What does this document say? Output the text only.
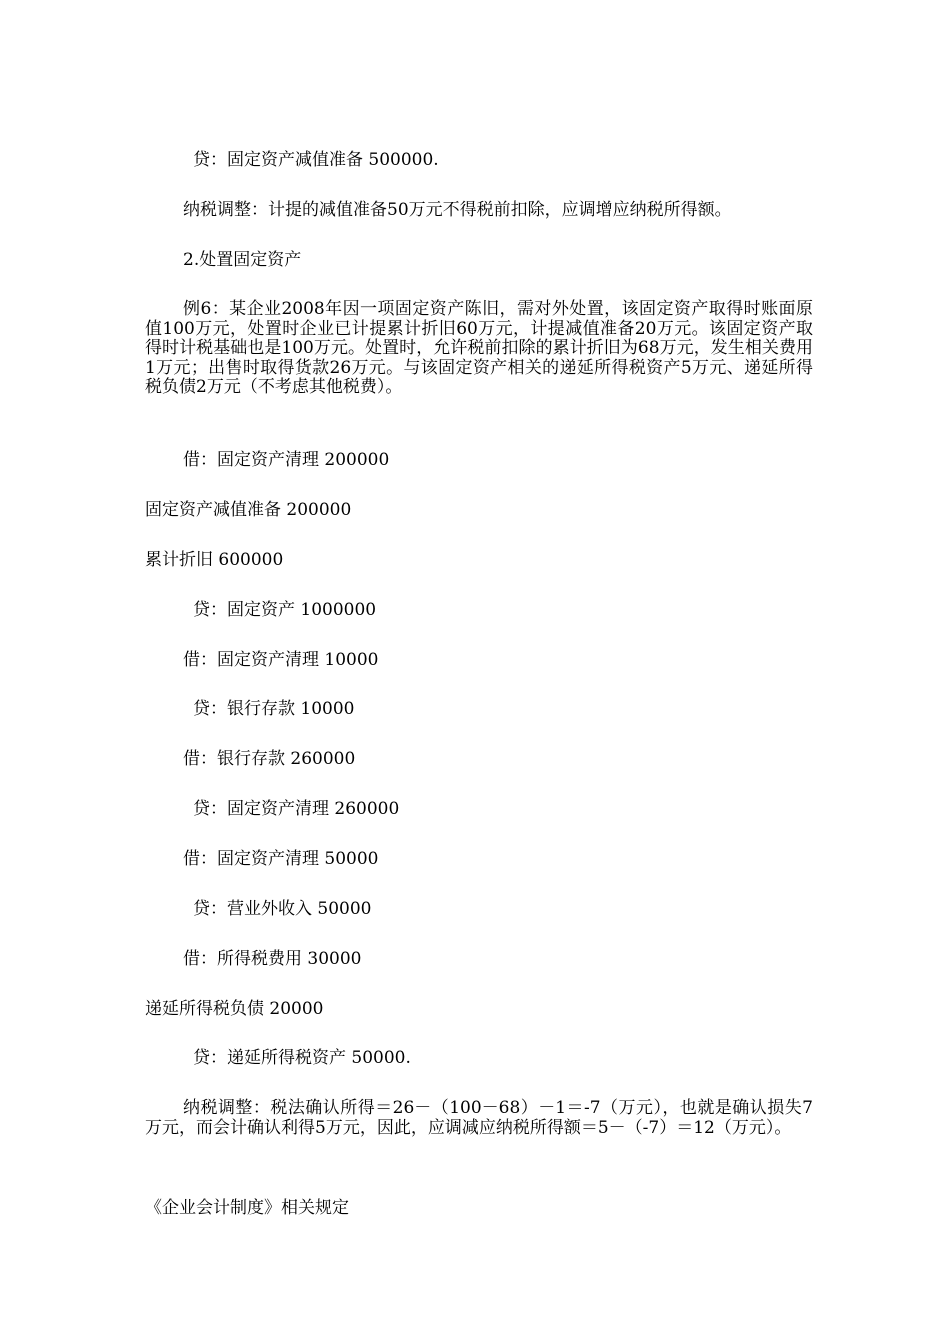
贷：固定资产减值准备 500000.
纳税调整：计提的减值准备50万元不得税前扣除，应调增应纳税所得额。
2.处置固定资产
例6：某企业2008年因一项固定资产陈旧，需对外处置，该固定资产取得时账面原值100万元，处置时企业已计提累计折旧60万元，计提减值准备20万元。该固定资产取得时计税基础也是100万元。处置时，允许税前扣除的累计折旧为68万元，发生相关费用1万元；出售时取得货款26万元。与该固定资产相关的递延所得税资产5万元、递延所得税负债2万元（不考虑其他税费）。
借：固定资产清理 200000
固定资产减值准备 200000
累计折旧 600000
贷：固定资产 1000000
借：固定资产清理 10000
贷：银行存款 10000
借：银行存款 260000
贷：固定资产清理 260000
借：固定资产清理 50000
贷：营业外收入 50000
借：所得税费用 30000
递延所得税负债 20000
贷：递延所得税资产 50000.
纳税调整：税法确认所得＝26－（100－68）－1＝-7（万元），也就是确认损失7万元，而会计确认利得5万元，因此，应调减应纳税所得额＝5－（-7）＝12（万元）。
《企业会计制度》相关规定
